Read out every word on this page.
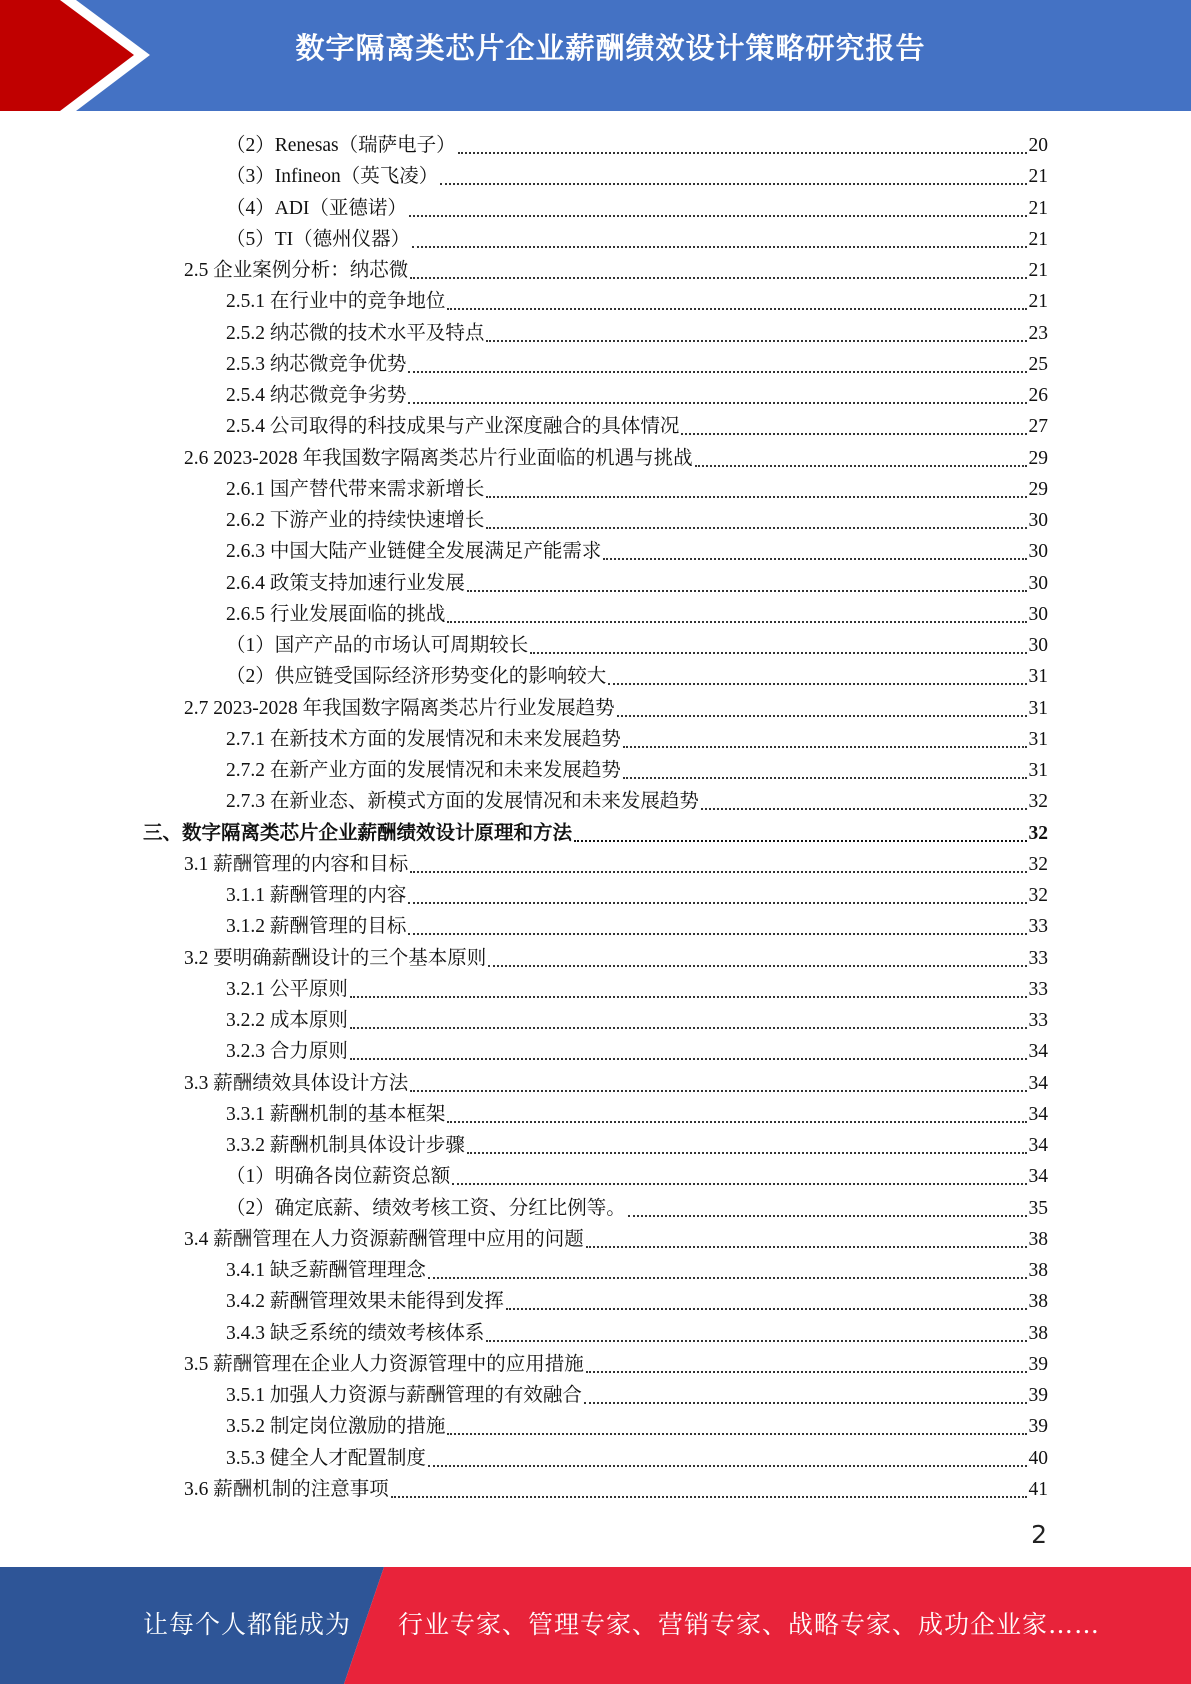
数字隔离类芯片企业薪酬绩效设计策略研究报告
（2）Renesas（瑞萨电子）	20
（3）Infineon（英飞凌）	21
（4）ADI（亚德诺）	21
（5）TI（德州仪器）	21
2.5 企业案例分析：纳芯微	21
2.5.1 在行业中的竞争地位	21
2.5.2 纳芯微的技术水平及特点	23
2.5.3 纳芯微竞争优势	25
2.5.4 纳芯微竞争劣势	26
2.5.4 公司取得的科技成果与产业深度融合的具体情况	27
2.6 2023-2028 年我国数字隔离类芯片行业面临的机遇与挑战	29
2.6.1 国产替代带来需求新增长	29
2.6.2 下游产业的持续快速增长	30
2.6.3 中国大陆产业链健全发展满足产能需求	30
2.6.4 政策支持加速行业发展	30
2.6.5 行业发展面临的挑战	30
（1）国产产品的市场认可周期较长	30
（2）供应链受国际经济形势变化的影响较大	31
2.7 2023-2028 年我国数字隔离类芯片行业发展趋势	31
2.7.1 在新技术方面的发展情况和未来发展趋势	31
2.7.2 在新产业方面的发展情况和未来发展趋势	31
2.7.3 在新业态、新模式方面的发展情况和未来发展趋势	32
三、数字隔离类芯片企业薪酬绩效设计原理和方法	32
3.1 薪酬管理的内容和目标	32
3.1.1 薪酬管理的内容	32
3.1.2 薪酬管理的目标	33
3.2 要明确薪酬设计的三个基本原则	33
3.2.1 公平原则	33
3.2.2 成本原则	33
3.2.3 合力原则	34
3.3 薪酬绩效具体设计方法	34
3.3.1 薪酬机制的基本框架	34
3.3.2 薪酬机制具体设计步骤	34
（1）明确各岗位薪资总额	34
（2）确定底薪、绩效考核工资、分红比例等。	35
3.4 薪酬管理在人力资源薪酬管理中应用的问题	38
3.4.1 缺乏薪酬管理理念	38
3.4.2 薪酬管理效果未能得到发挥	38
3.4.3 缺乏系统的绩效考核体系	38
3.5 薪酬管理在企业人力资源管理中的应用措施	39
3.5.1 加强人力资源与薪酬管理的有效融合	39
3.5.2 制定岗位激励的措施	39
3.5.3 健全人才配置制度	40
3.6 薪酬机制的注意事项	41
2
让每个人都能成为 行业专家、管理专家、营销专家、战略专家、成功企业家……
